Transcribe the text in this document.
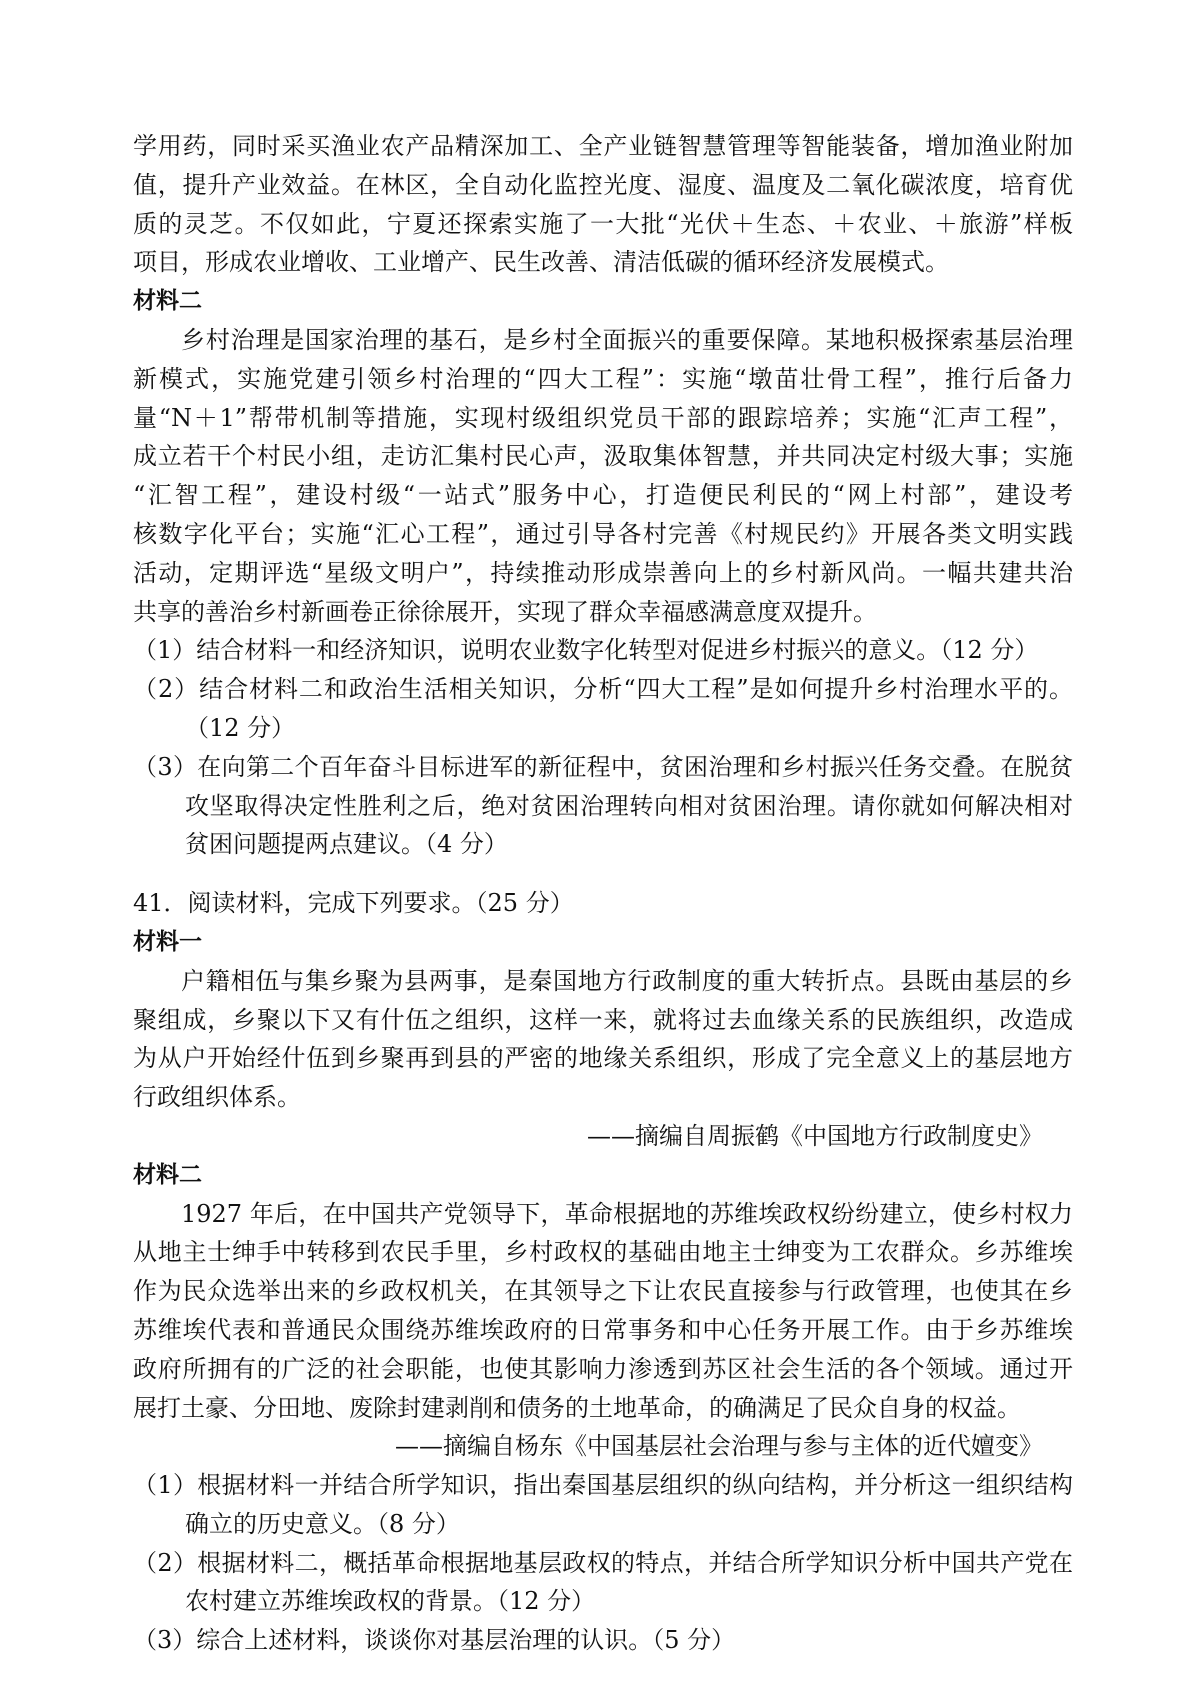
学用药，同时采买渔业农产品精深加工、全产业链智慧管理等智能装备，增加渔业附加
值，提升产业效益。在林区，全自动化监控光度、湿度、温度及二氧化碳浓度，培育优
质的灵芝。不仅如此，宁夏还探索实施了一大批“光伏＋生态、＋农业、＋旅游”样板
项目，形成农业增收、工业增产、民生改善、清洁低碳的循环经济发展模式。
材料二
乡村治理是国家治理的基石，是乡村全面振兴的重要保障。某地积极探索基层治理
新模式，实施党建引领乡村治理的“四大工程”：实施“墩苗壮骨工程”，推行后备力
量“N＋1”帮带机制等措施，实现村级组织党员干部的跟踪培养；实施“汇声工程”，
成立若干个村民小组，走访汇集村民心声，汲取集体智慧，并共同决定村级大事；实施
“汇智工程”，建设村级“一站式”服务中心，打造便民利民的“网上村部”，建设考
核数字化平台；实施“汇心工程”，通过引导各村完善《村规民约》开展各类文明实践
活动，定期评选“星级文明户”，持续推动形成崇善向上的乡村新风尚。一幅共建共治
共享的善治乡村新画卷正徐徐展开，实现了群众幸福感满意度双提升。
（1）结合材料一和经济知识，说明农业数字化转型对促进乡村振兴的意义。（12 分）
（2）结合材料二和政治生活相关知识，分析“四大工程”是如何提升乡村治理水平的。
（12 分）
（3）在向第二个百年奋斗目标进军的新征程中，贫困治理和乡村振兴任务交叠。在脱贫
攻坚取得决定性胜利之后，绝对贫困治理转向相对贫困治理。请你就如何解决相对
贫困问题提两点建议。（4 分）
41．阅读材料，完成下列要求。（25 分）
材料一
户籍相伍与集乡聚为县两事，是秦国地方行政制度的重大转折点。县既由基层的乡
聚组成，乡聚以下又有什伍之组织，这样一来，就将过去血缘关系的民族组织，改造成
为从户开始经什伍到乡聚再到县的严密的地缘关系组织，形成了完全意义上的基层地方
行政组织体系。
——摘编自周振鹤《中国地方行政制度史》
材料二
1927 年后，在中国共产党领导下，革命根据地的苏维埃政权纷纷建立，使乡村权力
从地主士绅手中转移到农民手里，乡村政权的基础由地主士绅变为工农群众。乡苏维埃
作为民众选举出来的乡政权机关，在其领导之下让农民直接参与行政管理，也使其在乡
苏维埃代表和普通民众围绕苏维埃政府的日常事务和中心任务开展工作。由于乡苏维埃
政府所拥有的广泛的社会职能，也使其影响力渗透到苏区社会生活的各个领域。通过开
展打土豪、分田地、废除封建剥削和债务的土地革命，的确满足了民众自身的权益。
——摘编自杨东《中国基层社会治理与参与主体的近代嬗变》
（1）根据材料一并结合所学知识，指出秦国基层组织的纵向结构，并分析这一组织结构
确立的历史意义。（8 分）
（2）根据材料二，概括革命根据地基层政权的特点，并结合所学知识分析中国共产党在
农村建立苏维埃政权的背景。（12 分）
（3）综合上述材料，谈谈你对基层治理的认识。（5 分）
